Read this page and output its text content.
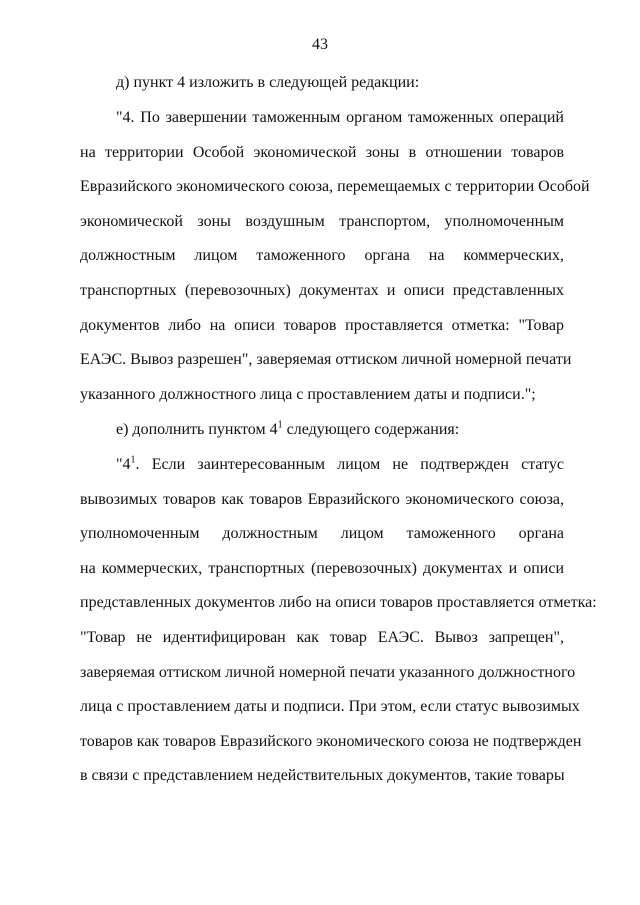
43
д) пункт 4 изложить в следующей редакции:
"4. По завершении таможенным органом таможенных операций
на территории Особой экономической зоны в отношении товаров
Евразийского экономического союза, перемещаемых с территории Особой
экономической зоны воздушным транспортом, уполномоченным
должностным лицом таможенного органа на коммерческих,
транспортных (перевозочных) документах и описи представленных
документов либо на описи товаров проставляется отметка: "Товар
ЕАЭС. Вывоз разрешен", заверяемая оттиском личной номерной печати
указанного должностного лица с проставлением даты и подписи.";
е) дополнить пунктом $4^1$ следующего содержания:
"$4^1$. Если заинтересованным лицом не подтвержден статус
вывозимых товаров как товаров Евразийского экономического союза,
уполномоченным должностным лицом таможенного органа
на коммерческих, транспортных (перевозочных) документах и описи
представленных документов либо на описи товаров проставляется отметка:
"Товар не идентифицирован как товар ЕАЭС. Вывоз запрещен",
заверяемая оттиском личной номерной печати указанного должностного
лица с проставлением даты и подписи. При этом, если статус вывозимых
товаров как товаров Евразийского экономического союза не подтвержден
в связи с представлением недействительных документов, такие товары
